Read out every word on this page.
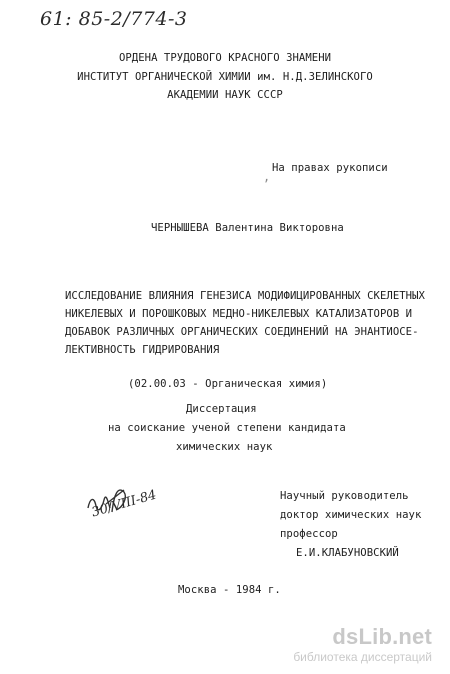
61: 85-2/774-3
ОРДЕНА ТРУДОВОГО КРАСНОГО ЗНАМЕНИ
ИНСТИТУТ ОРГАНИЧЕСКОЙ ХИМИИ им. Н.Д.ЗЕЛИНСКОГО
АКАДЕМИИ НАУК СССР
,
На правах рукописи
ЧЕРНЫШЕВА Валентина Викторовна
ИССЛЕДОВАНИЕ ВЛИЯНИЯ ГЕНЕЗИСА МОДИФИЦИРОВАННЫХ СКЕЛЕТНЫХ
НИКЕЛЕВЫХ И ПОРОШКОВЫХ МЕДНО-НИКЕЛЕВЫХ КАТАЛИЗАТОРОВ И
ДОБАВОК РАЗЛИЧНЫХ ОРГАНИЧЕСКИХ СОЕДИНЕНИЙ НА ЭНАНТИОСЕ-
ЛЕКТИВНОСТЬ ГИДРИРОВАНИЯ
(02.00.03 - Органическая химия)
Диссертация
на соискание ученой степени кандидата
химических наук
30/VIII-84	Научный руководитель
доктор химических наук
профессор
Е.И.КЛАБУНОВСКИЙ
Москва - 1984 г.
dsLib.net
библиотека диссертаций
